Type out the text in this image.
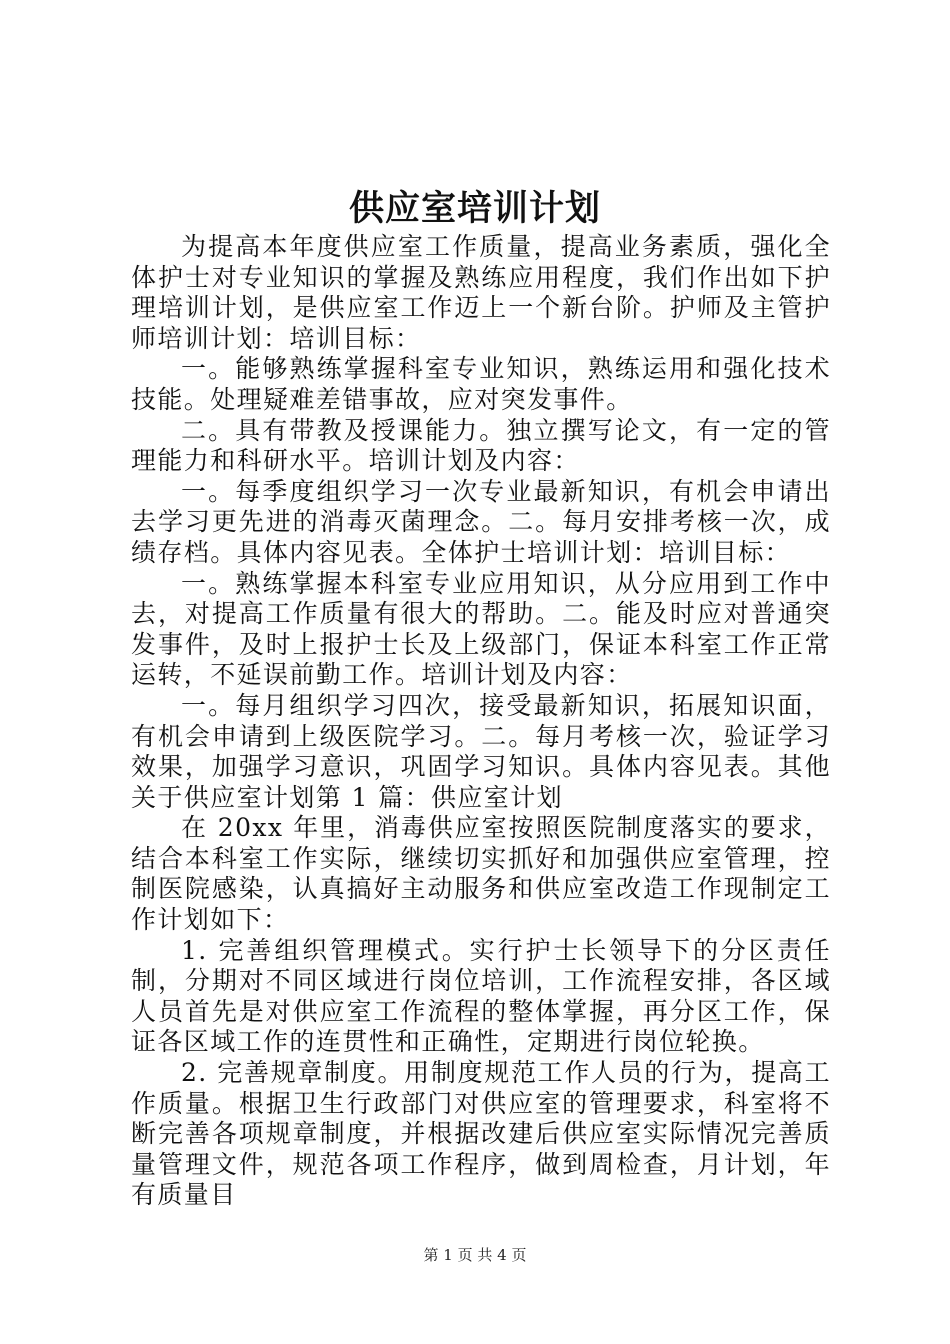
供应室培训计划

为提高本年度供应室工作质量，提高业务素质，强化全体护士对专业知识的掌握及熟练应用程度，我们作出如下护理培训计划，是供应室工作迈上一个新台阶。护师及主管护师培训计划：培训目标：

一。能够熟练掌握科室专业知识，熟练运用和强化技术技能。处理疑难差错事故，应对突发事件。

二。具有带教及授课能力。独立撰写论文，有一定的管理能力和科研水平。培训计划及内容：

一。每季度组织学习一次专业最新知识，有机会申请出去学习更先进的消毒灭菌理念。二。每月安排考核一次，成绩存档。具体内容见表。全体护士培训计划：培训目标：

一。熟练掌握本科室专业应用知识，从分应用到工作中去，对提高工作质量有很大的帮助。二。能及时应对普通突发事件，及时上报护士长及上级部门，保证本科室工作正常运转，不延误前勤工作。培训计划及内容：

一。每月组织学习四次，接受最新知识，拓展知识面，有机会申请到上级医院学习。二。每月考核一次，验证学习效果，加强学习意识，巩固学习知识。具体内容见表。其他关于供应室计划第 1 篇：供应室计划

在 20xx 年里，消毒供应室按照医院制度落实的要求，结合本科室工作实际，继续切实抓好和加强供应室管理，控制医院感染，认真搞好主动服务和供应室改造工作现制定工作计划如下：

1. 完善组织管理模式。实行护士长领导下的分区责任制，分期对不同区域进行岗位培训，工作流程安排，各区域人员首先是对供应室工作流程的整体掌握，再分区工作，保证各区域工作的连贯性和正确性，定期进行岗位轮换。

2. 完善规章制度。用制度规范工作人员的行为，提高工作质量。根据卫生行政部门对供应室的管理要求，科室将不断完善各项规章制度，并根据改建后供应室实际情况完善质量管理文件，规范各项工作程序，做到周检查，月计划，年有质量目

第 1 页 共 4 页
